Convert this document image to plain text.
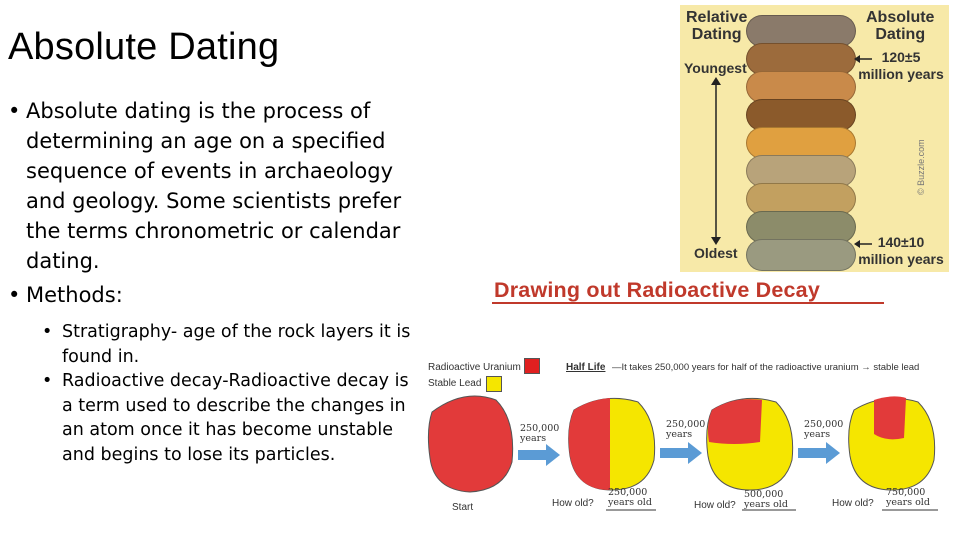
Absolute Dating
• Absolute dating is the process of determining an age on a specified sequence of events in archaeology and geology. Some scientists prefer the terms chronometric or calendar dating.
• Methods:
• Stratigraphy- age of the rock layers it is found in.
• Radioactive decay-Radioactive decay is a term used to describe the changes in an atom once it has become unstable and begins to lose its particles.
Relative
Dating
Absolute
Dating
Youngest
Oldest
120±5
million years
140±10
million years
© Buzzle.com
Drawing out Radioactive Decay
Radioactive Uranium
Stable Lead
Half Life —It takes 250,000 years for half of the radioactive uranium → stable lead
250,000
years
250,000
years
250,000
years
Start	How old?	How old?	How old?
250,000
years old
500,000
years old
750,000
years old
